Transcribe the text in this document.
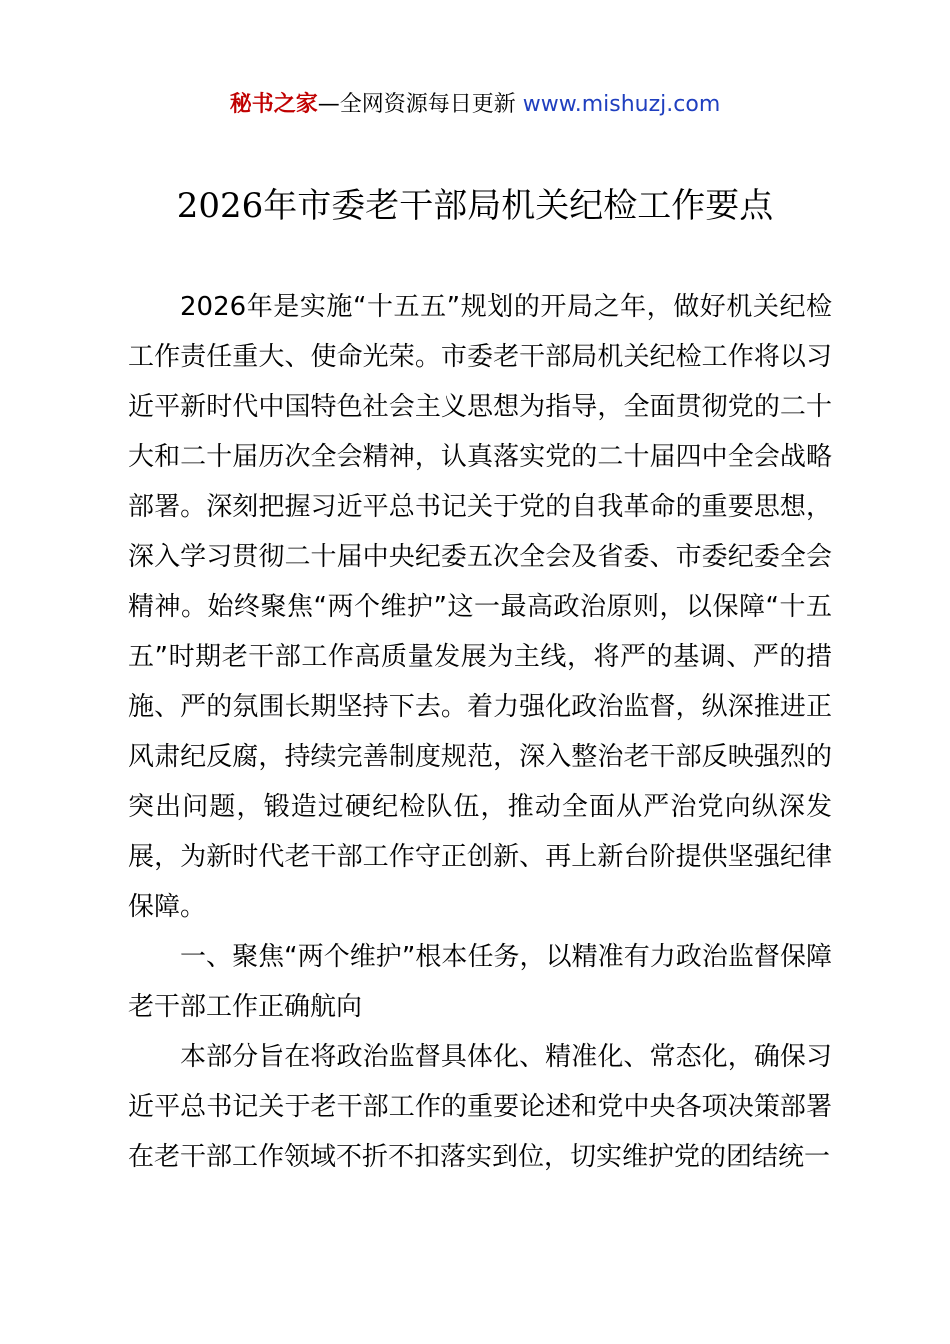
秘书之家—全网资源每日更新 www.mishuzj.com
2026年市委老干部局机关纪检工作要点

2026年是实施“十五五”规划的开局之年，做好机关纪检工作责任重大、使命光荣。市委老干部局机关纪检工作将以习近平新时代中国特色社会主义思想为指导，全面贯彻党的二十大和二十届历次全会精神，认真落实党的二十届四中全会战略部署。深刻把握习近平总书记关于党的自我革命的重要思想，深入学习贯彻二十届中央纪委五次全会及省委、市委纪委全会精神。始终聚焦“两个维护”这一最高政治原则，以保障“十五五”时期老干部工作高质量发展为主线，将严的基调、严的措施、严的氛围长期坚持下去。着力强化政治监督，纵深推进正风肃纪反腐，持续完善制度规范，深入整治老干部反映强烈的突出问题，锻造过硬纪检队伍，推动全面从严治党向纵深发展，为新时代老干部工作守正创新、再上新台阶提供坚强纪律保障。

一、聚焦“两个维护”根本任务，以精准有力政治监督保障老干部工作正确航向

本部分旨在将政治监督具体化、精准化、常态化，确保习近平总书记关于老干部工作的重要论述和党中央各项决策部署在老干部工作领域不折不扣落实到位，切实维护党的团结统一
